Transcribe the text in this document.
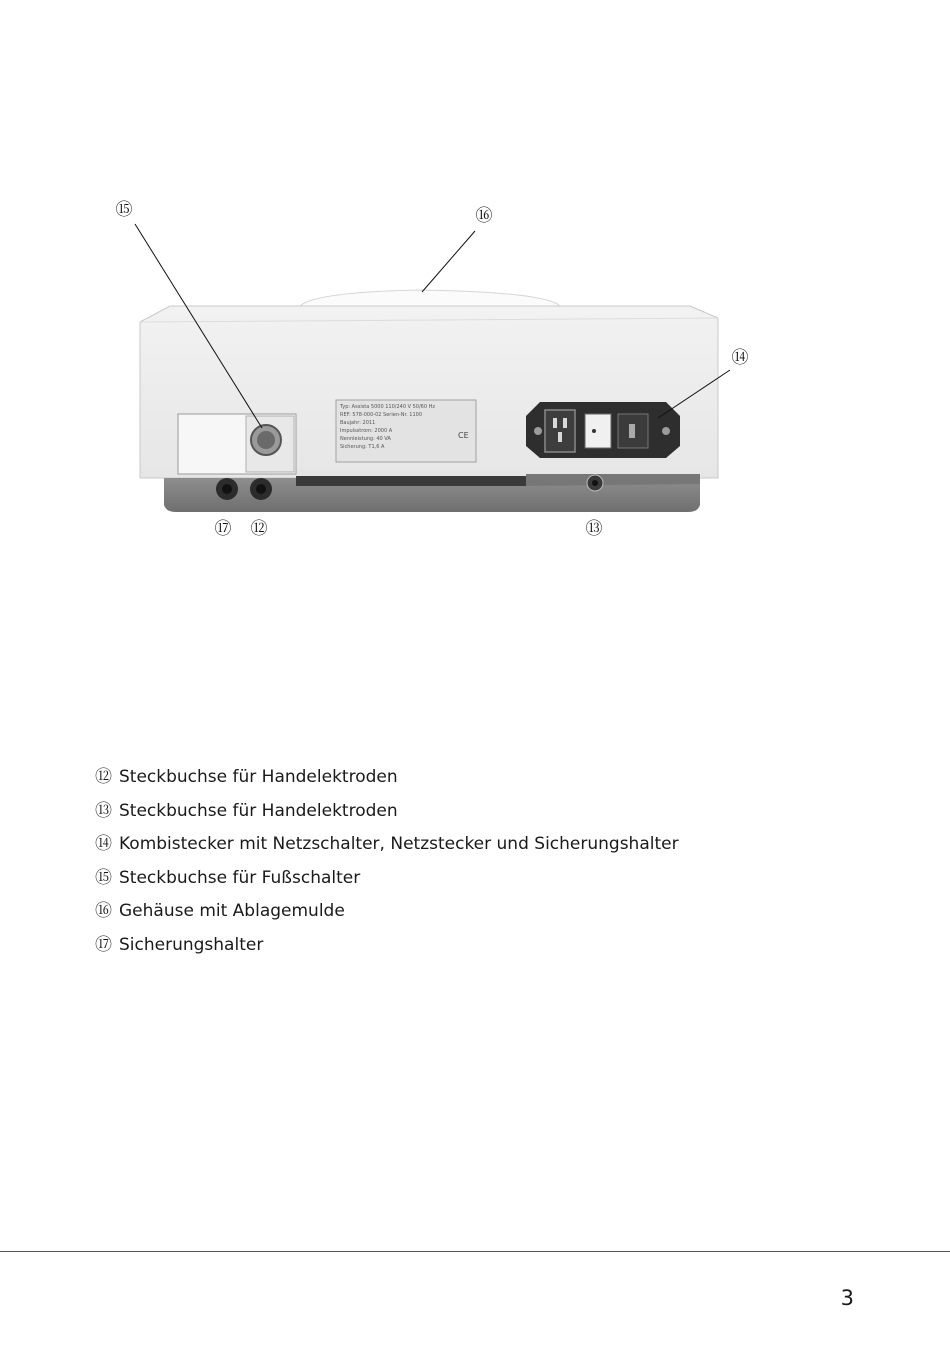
Typ: Assista 5000 110/240 V 50/60 Hz
REF: 578-000-02 Serien-Nr. 1100
Baujahr: 2011
Impulsstrom: 2000 A
Nennleistung: 40 VA
Sicherung: T1,6 A
CE
⑮	⑯
⑭
⑰ ⑫	⑬
⑫ Steckbuchse für Handelektroden
⑬ Steckbuchse für Handelektroden
⑭ Kombistecker mit Netzschalter, Netzstecker und Sicherungshalter
⑮ Steckbuchse für Fußschalter
⑯ Gehäuse mit Ablagemulde
⑰ Sicherungshalter
3
